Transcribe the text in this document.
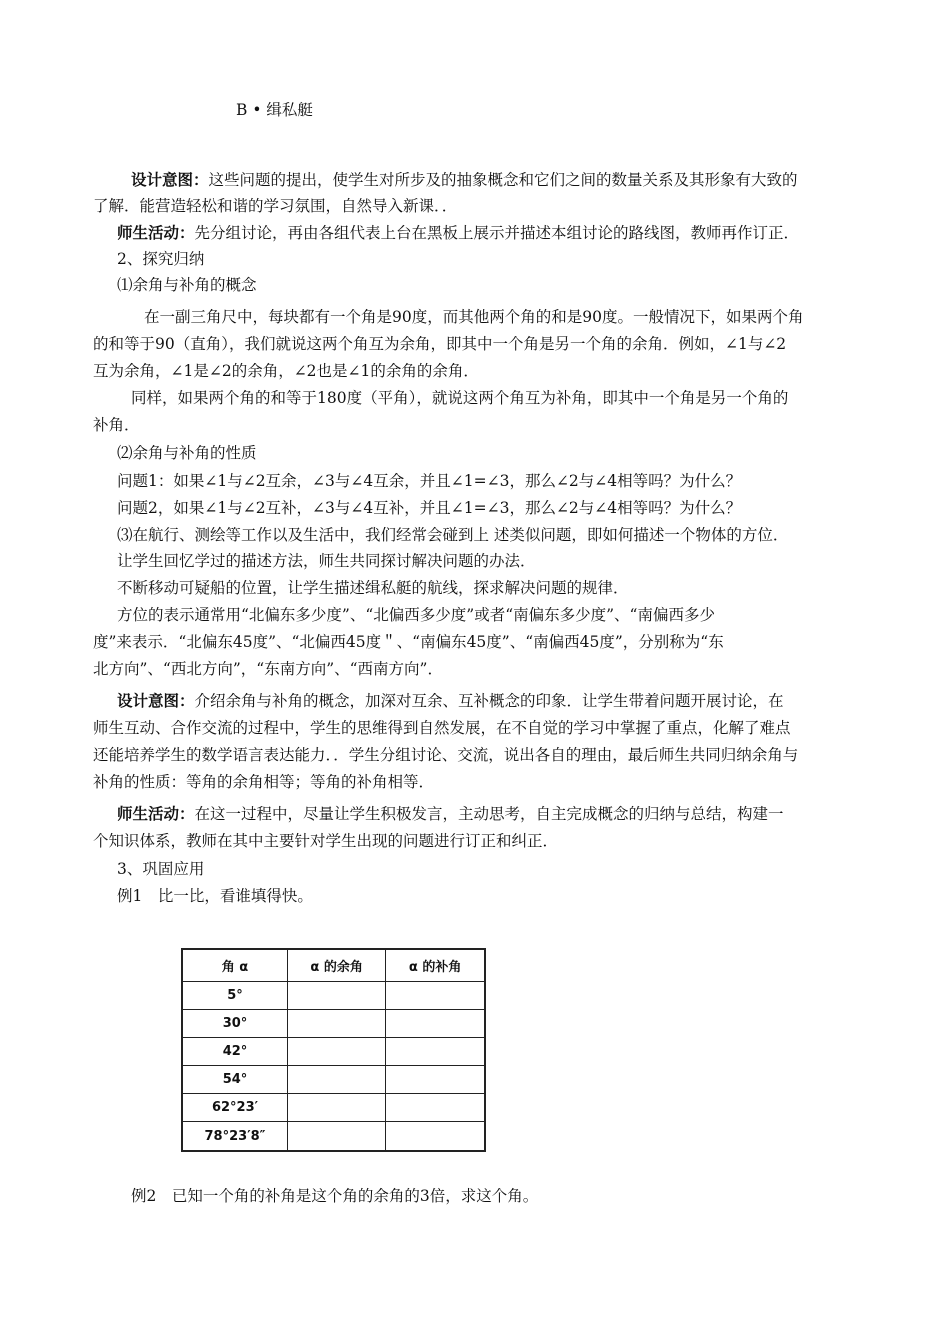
B • 缉私艇
设计意图：这些问题的提出，使学生对所步及的抽象概念和它们之间的数量关系及其形象有大致的
了解．能营造轻松和谐的学习氛围，自然导入新课．．
师生活动：先分组讨论，再由各组代表上台在黑板上展示并描述本组讨论的路线图，教师再作订正．
2、探究归纳
⑴余角与补角的概念
在一副三角尺中，每块都有一个角是90度，而其他两个角的和是90度。一般情况下，如果两个角
的和等于90（直角），我们就说这两个角互为余角，即其中一个角是另一个角的余角．例如，∠1与∠2
互为余角，∠1是∠2的余角，∠2也是∠1的余角的余角．
同样，如果两个角的和等于180度（平角），就说这两个角互为补角，即其中一个角是另一个角的
补角．
⑵余角与补角的性质
问题1：如果∠1与∠2互余，∠3与∠4互余，并且∠1=∠3，那么∠2与∠4相等吗？为什么？
问题2，如果∠1与∠2互补，∠3与∠4互补，并且∠1=∠3，那么∠2与∠4相等吗？为什么？
⑶在航行、测绘等工作以及生活中，我们经常会碰到上 述类似问题，即如何描述一个物体的方位．
让学生回忆学过的描述方法，师生共同探讨解决问题的办法．
不断移动可疑船的位置，让学生描述缉私艇的航线，探求解决问题的规律．
方位的表示通常用“北偏东多少度”、“北偏西多少度”或者“南偏东多少度”、“南偏西多少
度”来表示．“北偏东45度”、“北偏西45度＂、“南偏东45度”、“南偏西45度”，分别称为“东
北方向”、“西北方向”，“东南方向”、“西南方向”．
设计意图：介绍余角与补角的概念，加深对互余、互补概念的印象．让学生带着问题开展讨论，在
师生互动、合作交流的过程中，学生的思维得到自然发展，在不自觉的学习中掌握了重点，化解了难点
还能培养学生的数学语言表达能力．．学生分组讨论、交流，说出各自的理由，最后师生共同归纳余角与
补角的性质：等角的余角相等；等角的补角相等．
师生活动：在这一过程中，尽量让学生积极发言，主动思考，自主完成概念的归纳与总结，构建一
个知识体系，教师在其中主要针对学生出现的问题进行订正和纠正．
3、巩固应用
例1　比一比，看谁填得快。
角 α	α 的余角	α 的补角
5°		
30°		
42°		
54°		
62°23′		
78°23′8″		
例2　已知一个角的补角是这个角的余角的3倍，求这个角。
